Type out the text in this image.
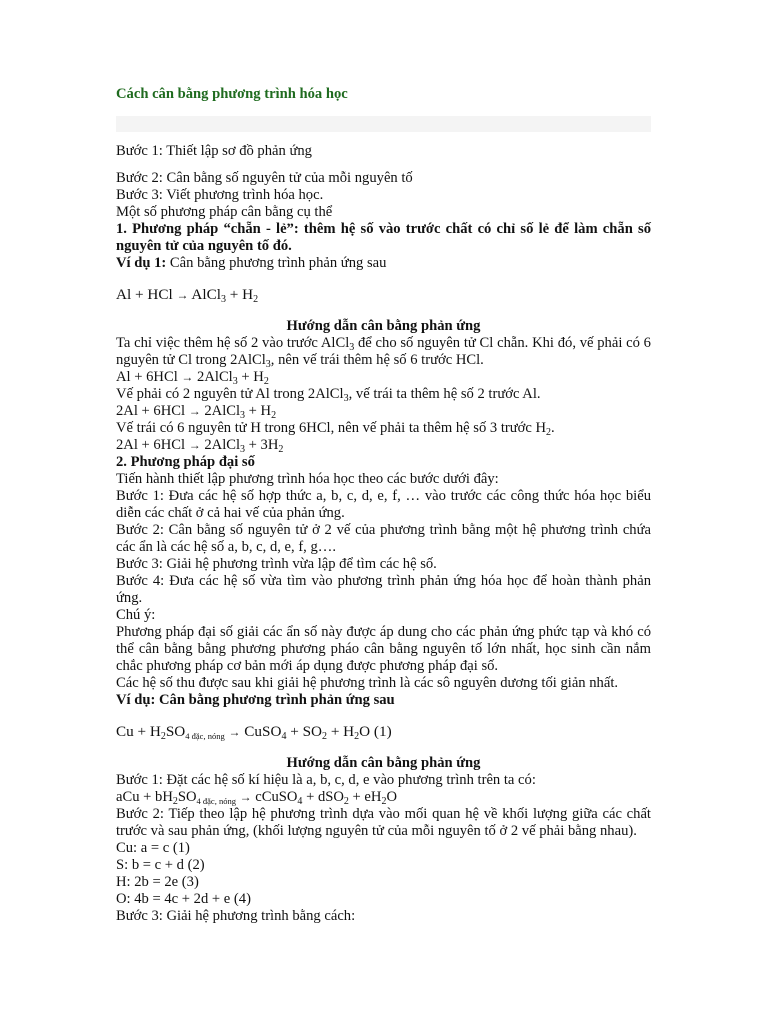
Cách cân bằng phương trình hóa học

Bước 1: Thiết lập sơ đồ phản ứng

Bước 2: Cân bằng số nguyên tử của mỗi nguyên tố

Bước 3: Viết phương trình hóa học.

Một số phương pháp cân bằng cụ thể

1. Phương pháp “chẵn - lẻ”: thêm hệ số vào trước chất có chỉ số lẻ để làm chẵn số nguyên tử của nguyên tố đó.

Ví dụ 1: Cân bằng phương trình phản ứng sau

Al + HCl → AlCl$_3$ + $H_2$

Hướng dẫn cân bằng phản ứng

Ta chỉ việc thêm hệ số 2 vào trước AlCl$_3$ để cho số nguyên tử Cl chẵn. Khi đó, vế phải có 6 nguyên tử Cl trong 2AlCl$_3$, nên vế trái thêm hệ số 6 trước HCl.

Al + 6HCl → 2AlCl$_3$ + $H_2$

Vế phải có 2 nguyên tử Al trong 2AlCl$_3$, vế trái ta thêm hệ số 2 trước Al.

2Al + 6HCl → 2AlCl$_3$ + $H_2$

Vế trái có 6 nguyên tử H trong 6HCl, nên vế phải ta thêm hệ số 3 trước $H_2$.

2Al + 6HCl → 2AlCl$_3$ + $3H_2$

2. Phương pháp đại số

Tiến hành thiết lập phương trình hóa học theo các bước dưới đây:

Bước 1: Đưa các hệ số hợp thức a, b, c, d, e, f, … vào trước các công thức hóa học biểu diễn các chất ở cả hai vế của phản ứng.

Bước 2: Cân bằng số nguyên tử ở 2 vế của phương trình bằng một hệ phương trình chứa các ẩn là các hệ số a, b, c, d, e, f, g….

Bước 3: Giải hệ phương trình vừa lập để tìm các hệ số.

Bước 4: Đưa các hệ số vừa tìm vào phương trình phản ứng hóa học để hoàn thành phản ứng.

Chú ý:

Phương pháp đại số giải các ẩn số này được áp dung cho các phản ứng phức tạp và khó có thể cân bằng bằng phương phương pháo cân bằng nguyên tố lớn nhất, học sinh cần nắm chắc phương pháp cơ bản mới áp dụng được phương pháp đại số.

Các hệ số thu được sau khi giải hệ phương trình là các sô nguyên dương tối giản nhất.

Ví dụ: Cân bằng phương trình phản ứng sau

$Cu + H_2SO_{4 đặc, nóng}$ → CuSO$_4$ + $SO_2 + H_2O$ (1)

Hướng dẫn cân bằng phản ứng

Bước 1: Đặt các hệ số kí hiệu là a, b, c, d, e vào phương trình trên ta có:

aCu + $bH_2SO_{4 đặc, nóng}$ → cCuSO$_4$ + $dSO_2 + eH_2O$

Bước 2: Tiếp theo lập hệ phương trình dựa vào mối quan hệ về khối lượng giữa các chất trước và sau phản ứng, (khối lượng nguyên tử của mỗi nguyên tố ở 2 vế phải bằng nhau).

Cu: a = c (1)

S: b = c + d (2)

H: 2b = 2e (3)

O: 4b = 4c + 2d + e (4)

Bước 3: Giải hệ phương trình bằng cách:
